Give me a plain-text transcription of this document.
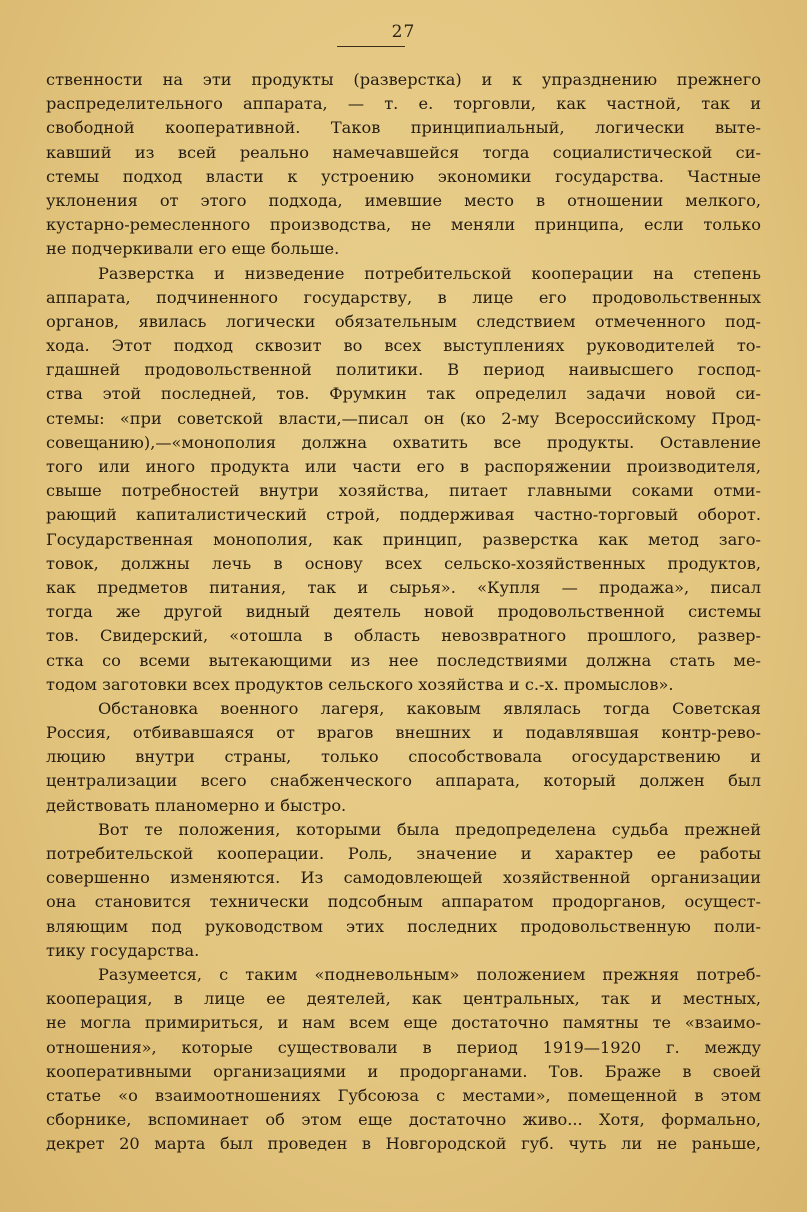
27
ственности на эти продукты (разверстка) и к упразднению прежнего
распределительного аппарата, — т. е. торговли, как частной, так и
свободной кооперативной. Таков принципиальный, логически выте-
кавший из всей реально намечавшейся тогда социалистической си-
стемы подход власти к устроению экономики государства. Частные
уклонения от этого подхода, имевшие место в отношении мелкого,
кустарно-ремесленного производства, не меняли принципа, если только
не подчеркивали его еще больше.
Разверстка и низведение потребительской кооперации на степень
аппарата, подчиненного государству, в лице его продовольственных
органов, явилась логически обязательным следствием отмеченного под-
хода. Этот подход сквозит во всех выступлениях руководителей то-
гдашней продовольственной политики. В период наивысшего господ-
ства этой последней, тов. Фрумкин так определил задачи новой си-
стемы: «при советской власти,—писал он (ко 2-му Всероссийскому Прод-
совещанию),—«монополия должна охватить все продукты. Оставление
того или иного продукта или части его в распоряжении производителя,
свыше потребностей внутри хозяйства, питает главными соками отми-
рающий капиталистический строй, поддерживая частно-торговый оборот.
Государственная монополия, как принцип, разверстка как метод заго-
товок, должны лечь в основу всех сельско-хозяйственных продуктов,
как предметов питания, так и сырья». «Купля — продажа», писал
тогда же другой видный деятель новой продовольственной системы
тов. Свидерский, «отошла в область невозвратного прошлого, развер-
стка со всеми вытекающими из нее последствиями должна стать ме-
тодом заготовки всех продуктов сельского хозяйства и с.-х. промыслов».
Обстановка военного лагеря, каковым являлась тогда Советская
Россия, отбивавшаяся от врагов внешних и подавлявшая контр-рево-
люцию внутри страны, только способствовала огосударствению и
централизации всего снабженческого аппарата, который должен был
действовать планомерно и быстро.
Вот те положения, которыми была предопределена судьба прежней
потребительской кооперации. Роль, значение и характер ее работы
совершенно изменяются. Из самодовлеющей хозяйственной организации
она становится технически подсобным аппаратом продорганов, осущест-
вляющим под руководством этих последних продовольственную поли-
тику государства.
Разумеется, с таким «подневольным» положением прежняя потреб-
кооперация, в лице ее деятелей, как центральных, так и местных,
не могла примириться, и нам всем еще достаточно памятны те «взаимо-
отношения», которые существовали в период 1919—1920 г. между
кооперативными организациями и продорганами. Тов. Браже в своей
статье «о взаимоотношениях Губсоюза с местами», помещенной в этом
сборнике, вспоминает об этом еще достаточно живо... Хотя, формально,
декрет 20 марта был проведен в Новгородской губ. чуть ли не раньше,
